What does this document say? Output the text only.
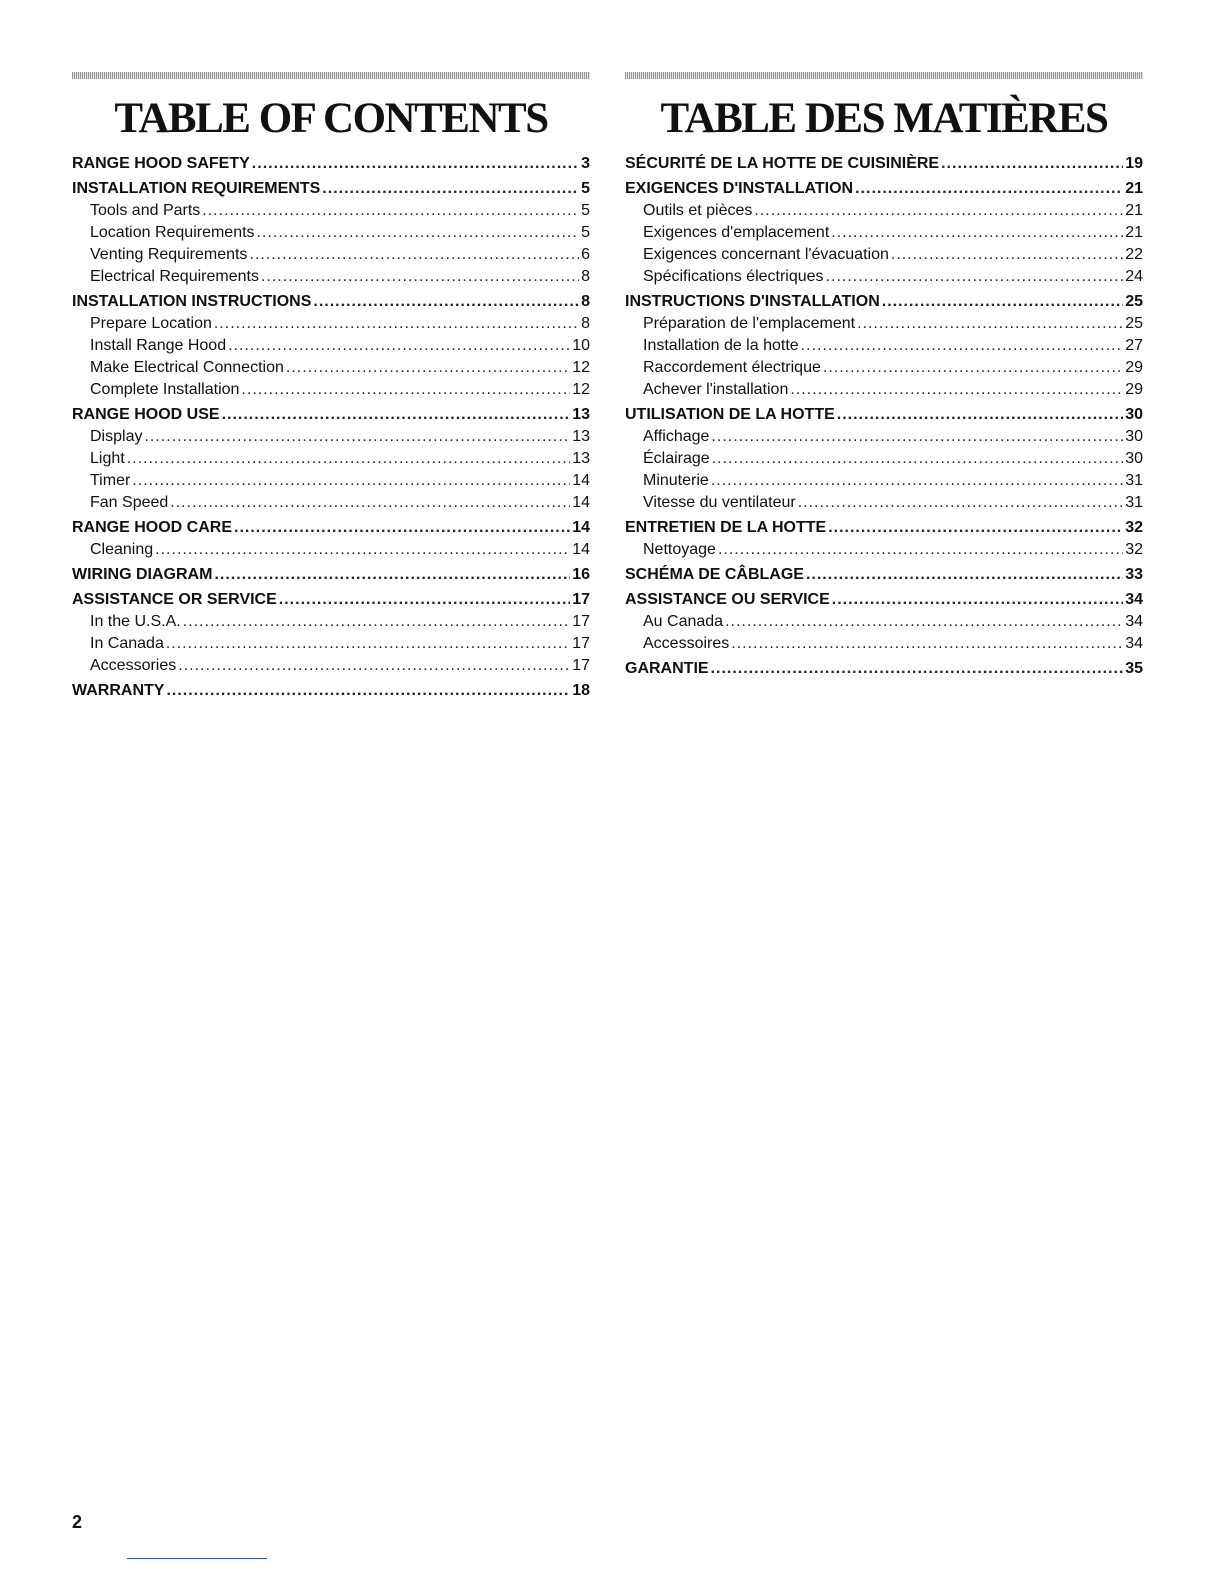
TABLE OF CONTENTS
RANGE HOOD SAFETY .....	3
INSTALLATION REQUIREMENTS .....	5
Tools and Parts .....	5
Location Requirements .....	5
Venting Requirements .....	6
Electrical Requirements .....	8
INSTALLATION INSTRUCTIONS .....	8
Prepare Location .....	8
Install Range Hood .....	10
Make Electrical Connection .....	12
Complete Installation .....	12
RANGE HOOD USE .....	13
Display .....	13
Light .....	13
Timer .....	14
Fan Speed .....	14
RANGE HOOD CARE .....	14
Cleaning .....	14
WIRING DIAGRAM .....	16
ASSISTANCE OR SERVICE .....	17
In the U.S.A. .....	17
In Canada .....	17
Accessories .....	17
WARRANTY .....	18
TABLE DES MATIÈRES
SÉCURITÉ DE LA HOTTE DE CUISINIÈRE .....	19
EXIGENCES D'INSTALLATION .....	21
Outils et pièces .....	21
Exigences d'emplacement .....	21
Exigences concernant l'évacuation .....	22
Spécifications électriques .....	24
INSTRUCTIONS D'INSTALLATION .....	25
Préparation de l'emplacement .....	25
Installation de la hotte .....	27
Raccordement électrique .....	29
Achever l'installation .....	29
UTILISATION DE LA HOTTE .....	30
Affichage .....	30
Éclairage .....	30
Minuterie .....	31
Vitesse du ventilateur .....	31
ENTRETIEN DE LA HOTTE .....	32
Nettoyage .....	32
SCHÉMA DE CÂBLAGE .....	33
ASSISTANCE OU SERVICE .....	34
Au Canada .....	34
Accessoires .....	34
GARANTIE .....	35
2
